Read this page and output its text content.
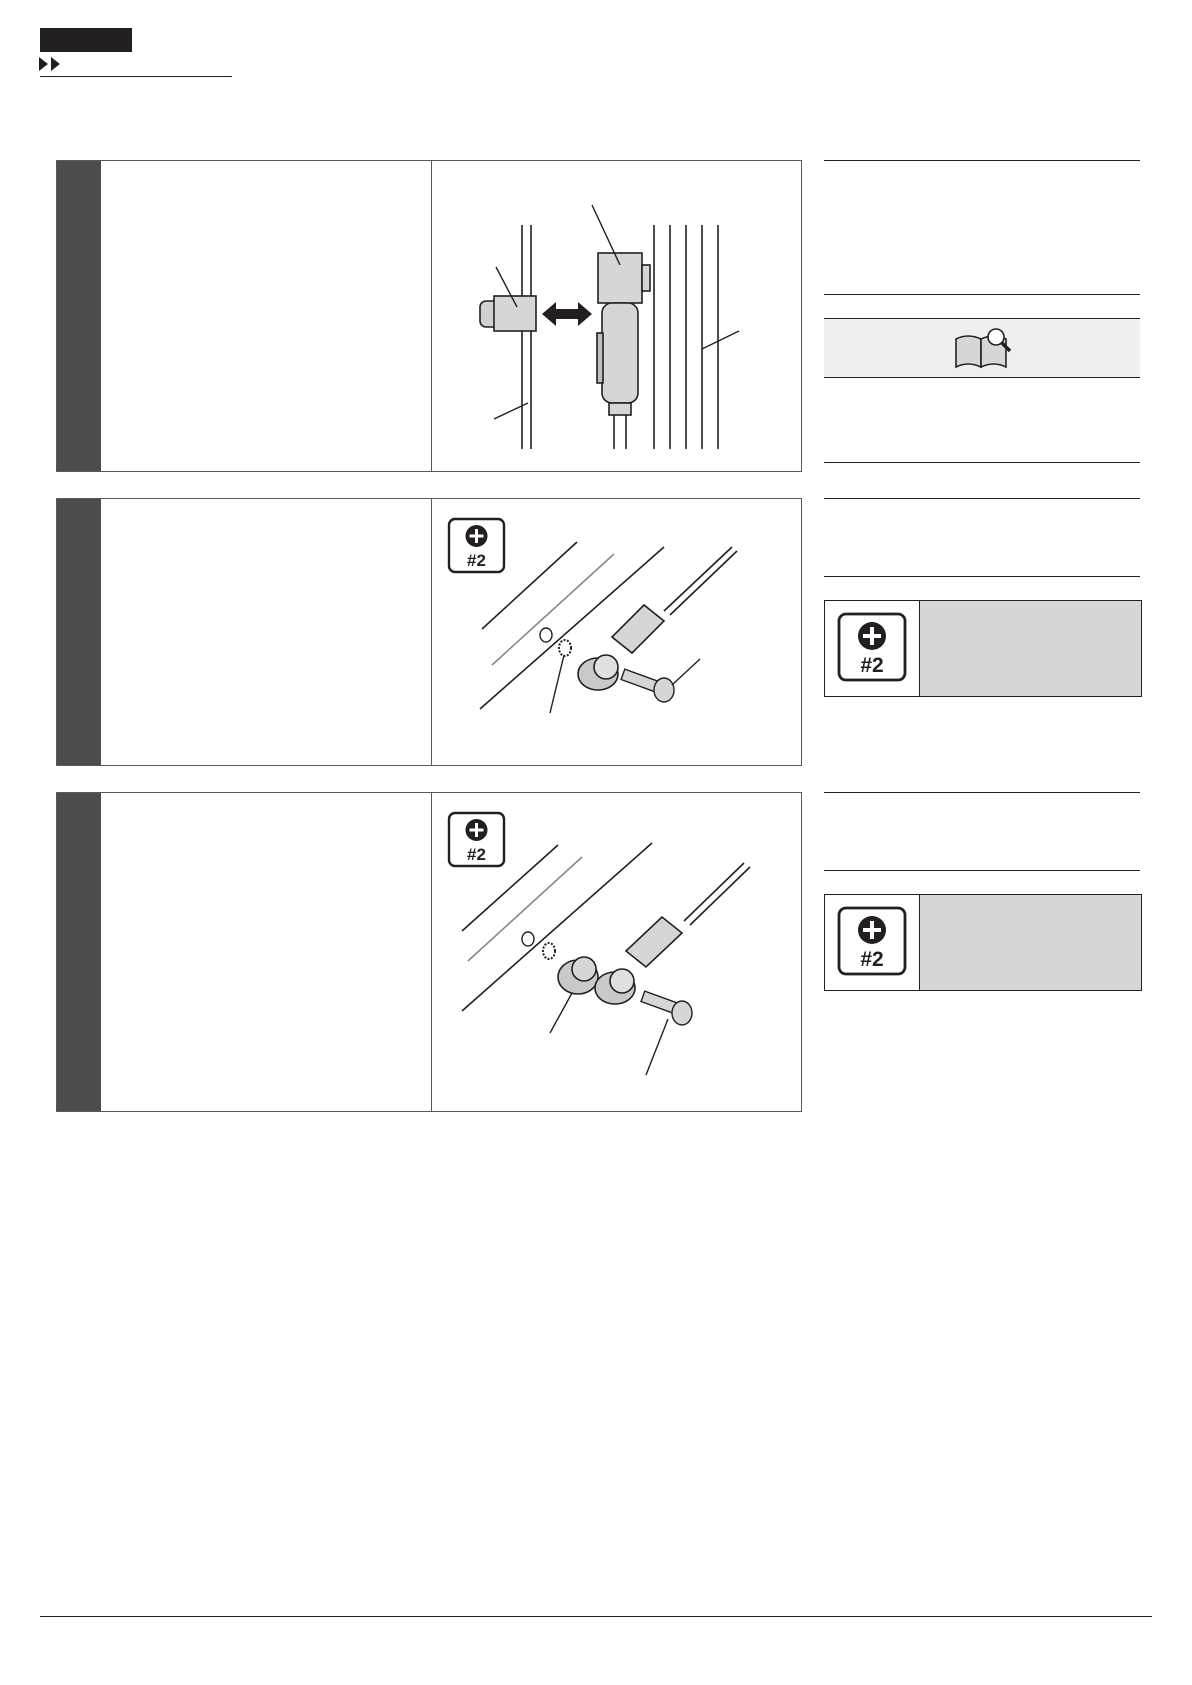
#2
#2
#2
#2
